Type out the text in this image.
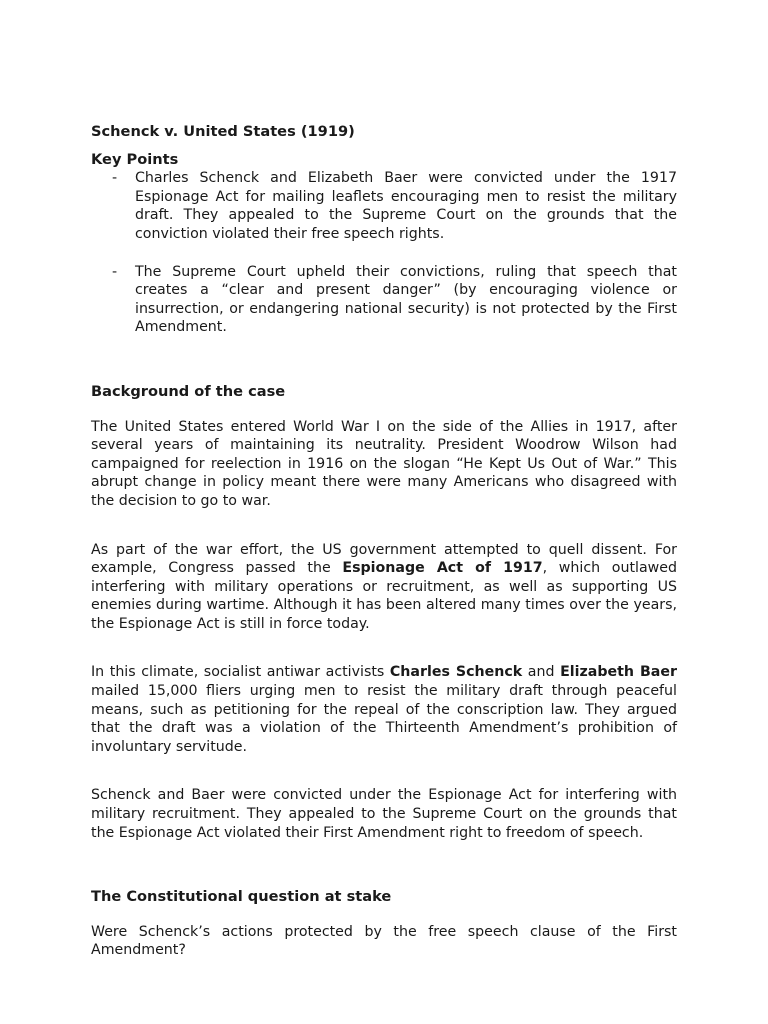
Schenck v. United States (1919)
Key Points
- Charles Schenck and Elizabeth Baer were convicted under the 1917 Espionage Act for mailing leaflets encouraging men to resist the military draft. They appealed to the Supreme Court on the grounds that the conviction violated their free speech rights.
- The Supreme Court upheld their convictions, ruling that speech that creates a “clear and present danger” (by encouraging violence or insurrection, or endangering national security) is not protected by the First Amendment.
Background of the case

The United States entered World War I on the side of the Allies in 1917, after several years of maintaining its neutrality. President Woodrow Wilson had campaigned for reelection in 1916 on the slogan “He Kept Us Out of War.” This abrupt change in policy meant there were many Americans who disagreed with the decision to go to war.

As part of the war effort, the US government attempted to quell dissent. For example, Congress passed the Espionage Act of 1917, which outlawed interfering with military operations or recruitment, as well as supporting US enemies during wartime. Although it has been altered many times over the years, the Espionage Act is still in force today.

In this climate, socialist antiwar activists Charles Schenck and Elizabeth Baer mailed 15,000 fliers urging men to resist the military draft through peaceful means, such as petitioning for the repeal of the conscription law. They argued that the draft was a violation of the Thirteenth Amendment’s prohibition of involuntary servitude.

Schenck and Baer were convicted under the Espionage Act for interfering with military recruitment. They appealed to the Supreme Court on the grounds that the Espionage Act violated their First Amendment right to freedom of speech.

The Constitutional question at stake

Were Schenck’s actions protected by the free speech clause of the First Amendment?
